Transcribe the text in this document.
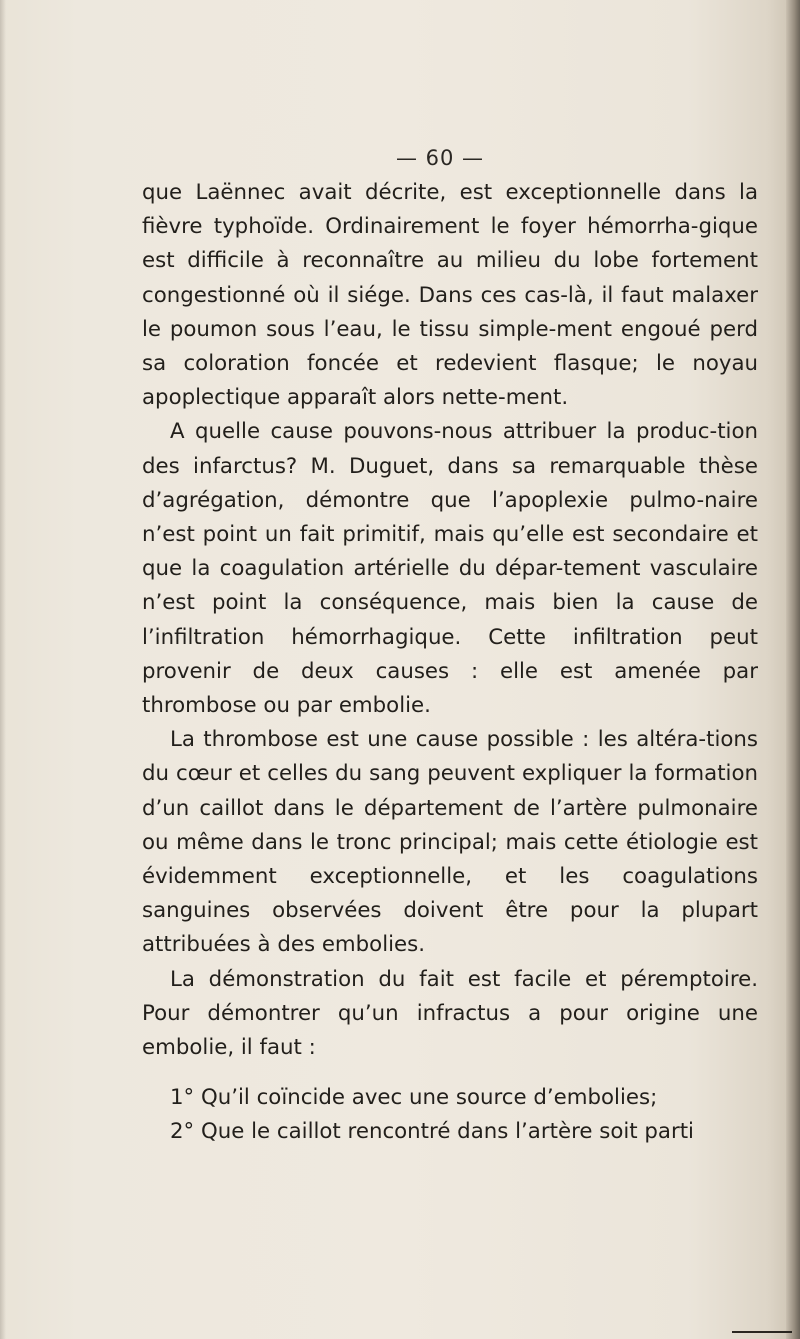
— 60 —

que Laënnec avait décrite, est exceptionnelle dans la fièvre typhoïde. Ordinairement le foyer hémorrha-gique est difficile à reconnaître au milieu du lobe fortement congestionné où il siége. Dans ces cas-là, il faut malaxer le poumon sous l’eau, le tissu simple-ment engoué perd sa coloration foncée et redevient flasque; le noyau apoplectique apparaît alors nette-ment.

A quelle cause pouvons-nous attribuer la produc-tion des infarctus? M. Duguet, dans sa remarquable thèse d’agrégation, démontre que l’apoplexie pulmo-naire n’est point un fait primitif, mais qu’elle est secondaire et que la coagulation artérielle du dépar-tement vasculaire n’est point la conséquence, mais bien la cause de l’infiltration hémorrhagique. Cette infiltration peut provenir de deux causes : elle est amenée par thrombose ou par embolie.

La thrombose est une cause possible : les altéra-tions du cœur et celles du sang peuvent expliquer la formation d’un caillot dans le département de l’artère pulmonaire ou même dans le tronc principal; mais cette étiologie est évidemment exceptionnelle, et les coagulations sanguines observées doivent être pour la plupart attribuées à des embolies.

La démonstration du fait est facile et péremptoire. Pour démontrer qu’un infractus a pour origine une embolie, il faut :

1° Qu’il coïncide avec une source d’embolies;
2° Que le caillot rencontré dans l’artère soit parti
